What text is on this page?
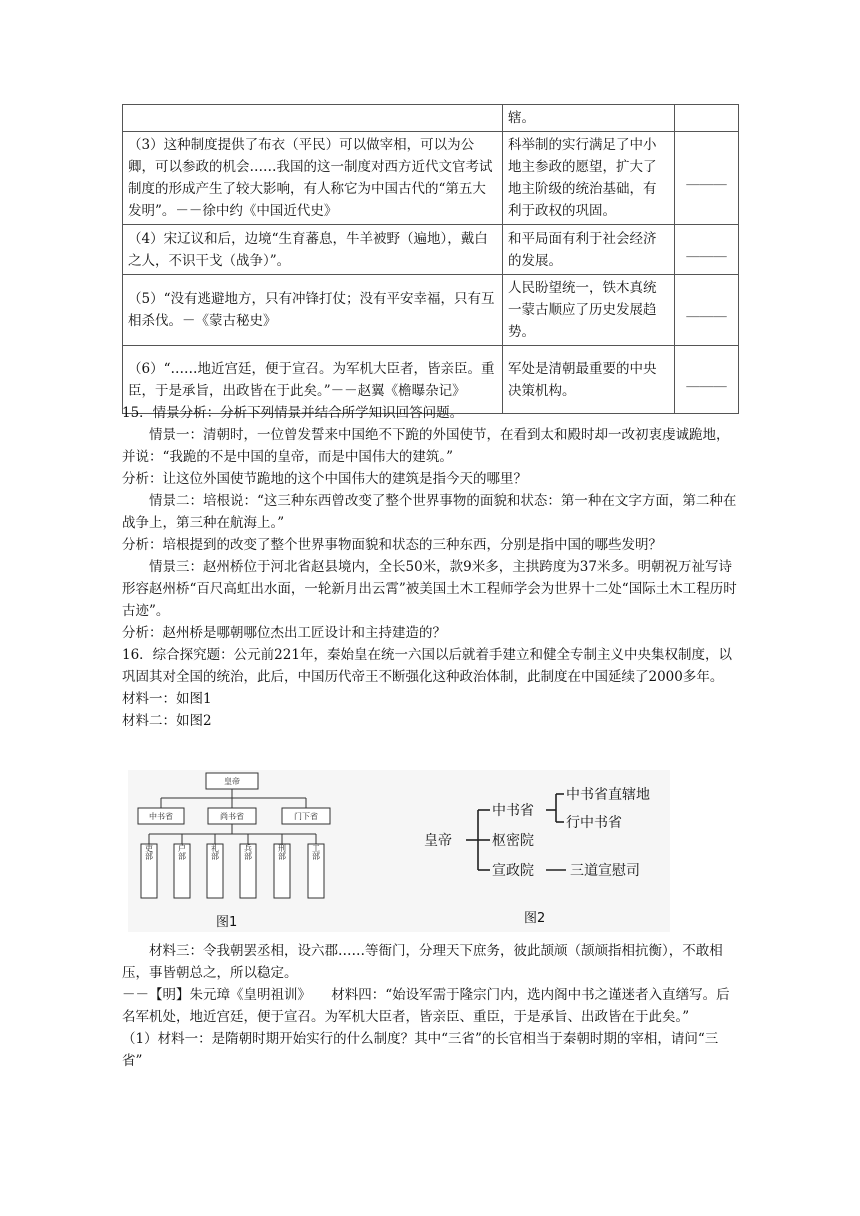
	辖。	
（3）这种制度提供了布衣（平民）可以做宰相，可以为公卿，可以参政的机会……我国的这一制度对西方近代文官考试制度的形成产生了较大影响，有人称它为中国古代的“第五大发明”。－－徐中约《中国近代史》	科举制的实行满足了中小地主参政的愿望，扩大了地主阶级的统治基础，有利于政权的巩固。	______

（4）宋辽议和后，边境“生育蕃息，牛羊被野（遍地），戴白之人，不识干戈（战争）”。	和平局面有利于社会经济的发展。	______

（5）“没有逃避地方，只有冲锋打仗；没有平安幸福，只有互相杀伐。－《蒙古秘史》	人民盼望统一，铁木真统一蒙古顺应了历史发展趋势。	______

（6）“……地近宫廷，便于宣召。为军机大臣者，皆亲臣。重臣，于是承旨，出政皆在于此矣。”－－赵翼《檐曝杂记》	军处是清朝最重要的中央决策机构。	______

15．情景分析：分析下列情景并结合所学知识回答问题。

情景一：清朝时，一位曾发誓来中国绝不下跪的外国使节，在看到太和殿时却一改初衷虔诚跪地，并说：“我跪的不是中国的皇帝，而是中国伟大的建筑。”

分析：让这位外国使节跪地的这个中国伟大的建筑是指今天的哪里？

情景二：培根说：“这三种东西曾改变了整个世界事物的面貌和状态：第一种在文字方面，第二种在战争上，第三种在航海上。”

分析：培根提到的改变了整个世界事物面貌和状态的三种东西，分别是指中国的哪些发明？

情景三：赵州桥位于河北省赵县境内，全长50米，款9米多，主拱跨度为37米多。明朝祝万祉写诗形容赵州桥“百尺高虹出水面，一轮新月出云霄”被美国土木工程师学会为世界十二处“国际土木工程历时古迹”。

分析：赵州桥是哪朝哪位杰出工匠设计和主持建造的？

16．综合探究题：公元前221年，秦始皇在统一六国以后就着手建立和健全专制主义中央集权制度，以巩固其对全国的统治，此后，中国历代帝王不断强化这种政治体制，此制度在中国延续了2000多年。

材料一：如图1

材料二：如图2

皇帝
中书省	尚书省	门下省
吏部	户部	礼部	兵部	刑部	工部
图1
皇帝
中书省
枢密院
宣政院
中书省直辖地
行中书省
三道宣慰司
图2

材料三：令我朝罢丞相，设六郡……等衙门，分理天下庶务，彼此颉颃（颉颃指相抗衡），不敢相压，事皆朝总之，所以稳定。

－－【明】朱元璋《皇明祖训》　　材料四：“始设军需于隆宗门内，选内阁中书之谨迷者入直缮写。后名军机处，地近宫廷，便于宣召。为军机大臣者，皆亲臣、重臣，于是承旨、出政皆在于此矣。”

（1）材料一：是隋朝时期开始实行的什么制度？其中“三省”的长官相当于秦朝时期的宰相，请问“三省”
